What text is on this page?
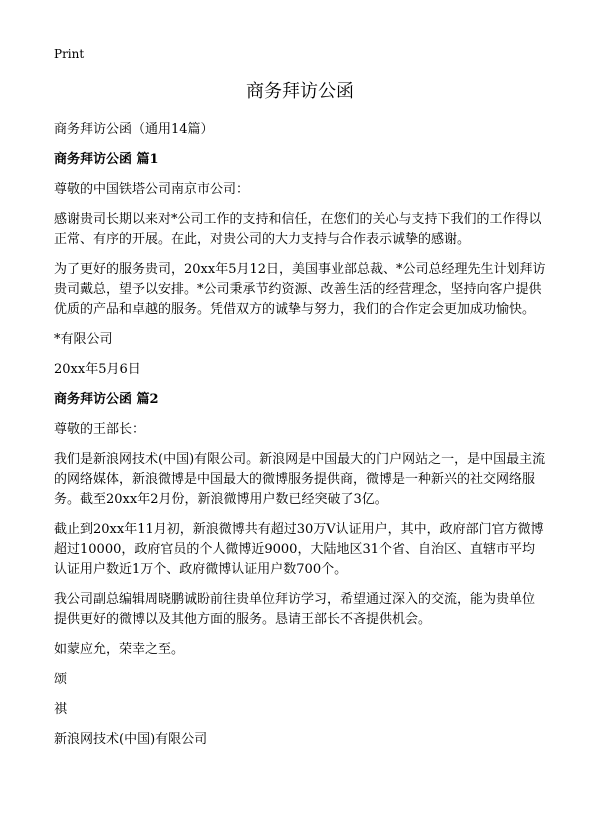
Print
商务拜访公函

商务拜访公函（通用14篇）

商务拜访公函 篇1

尊敬的中国铁塔公司南京市公司：

感谢贵司长期以来对*公司工作的支持和信任，在您们的关心与支持下我们的工作得以正常、有序的开展。在此，对贵公司的大力支持与合作表示诚挚的感谢。

为了更好的服务贵司，20xx年5月12日，美国事业部总裁、*公司总经理先生计划拜访贵司戴总，望予以安排。*公司秉承节约资源、改善生活的经营理念，坚持向客户提供优质的产品和卓越的服务。凭借双方的诚挚与努力，我们的合作定会更加成功愉快。

*有限公司

20xx年5月6日

商务拜访公函 篇2

尊敬的王部长：

我们是新浪网技术(中国)有限公司。新浪网是中国最大的门户网站之一，是中国最主流的网络媒体，新浪微博是中国最大的微博服务提供商，微博是一种新兴的社交网络服务。截至20xx年2月份，新浪微博用户数已经突破了3亿。

截止到20xx年11月初，新浪微博共有超过30万V认证用户，其中，政府部门官方微博超过10000，政府官员的个人微博近9000，大陆地区31个省、自治区、直辖市平均认证用户数近1万个、政府微博认证用户数700个。

我公司副总编辑周晓鹏诚盼前往贵单位拜访学习，希望通过深入的交流，能为贵单位提供更好的微博以及其他方面的服务。恳请王部长不吝提供机会。

如蒙应允，荣幸之至。

颂

祺

新浪网技术(中国)有限公司
